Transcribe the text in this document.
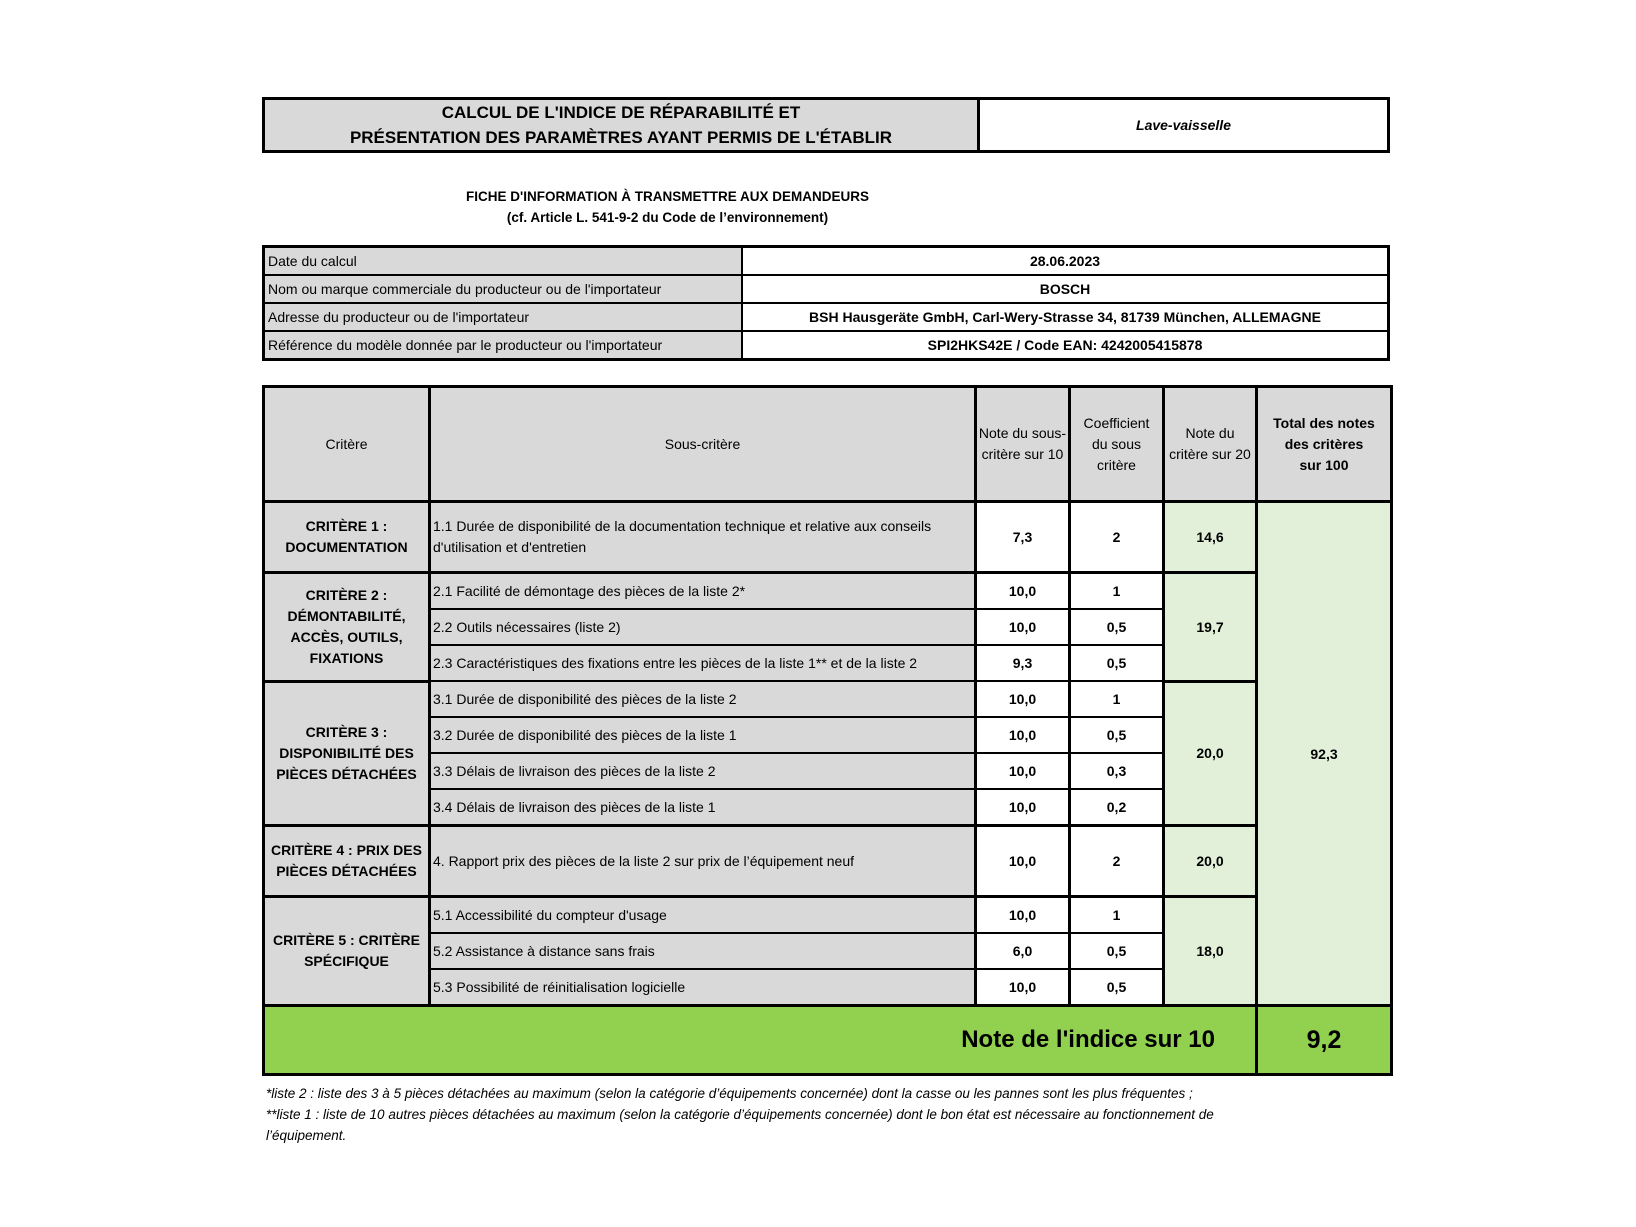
CALCUL DE L'INDICE DE RÉPARABILITÉ ET
PRÉSENTATION DES PARAMÈTRES AYANT PERMIS DE L'ÉTABLIR
Lave-vaisselle
FICHE D'INFORMATION À TRANSMETTRE AUX DEMANDEURS
(cf. Article L. 541-9-2 du Code de l’environnement)
Date du calcul	28.06.2023
Nom ou marque commerciale du producteur ou de l'importateur	BOSCH
Adresse du producteur ou de l'importateur	BSH Hausgeräte GmbH, Carl-Wery-Strasse 34, 81739 München, ALLEMAGNE
Référence du modèle donnée par le producteur ou l'importateur	SPI2HKS42E / Code EAN: 4242005415878
Critère	Sous-critère	Note du sous-
critère sur 10	Coefficient
du sous
critère	Note du
critère sur 20	Total des notes
des critères
sur 100
CRITÈRE 1 :
DOCUMENTATION	1.1 Durée de disponibilité de la documentation technique et relative aux conseils d'utilisation et d'entretien	7,3	2	14,6	92,3
CRITÈRE 2 :
DÉMONTABILITÉ,
ACCÈS, OUTILS,
FIXATIONS	2.1 Facilité de démontage des pièces de la liste 2*	10,0	1	19,7	
	2.2 Outils nécessaires (liste 2)	10,0	0,5		
	2.3 Caractéristiques des fixations entre les pièces de la liste 1** et de la liste 2	9,3	0,5		
CRITÈRE 3 :
DISPONIBILITÉ DES
PIÈCES DÉTACHÉES	3.1 Durée de disponibilité des pièces de la liste 2	10,0	1	20,0	
	3.2 Durée de disponibilité des pièces de la liste 1	10,0	0,5		
	3.3 Délais de livraison des pièces de la liste 2	10,0	0,3		
	3.4 Délais de livraison des pièces de la liste 1	10,0	0,2		
CRITÈRE 4 : PRIX DES
PIÈCES DÉTACHÉES	4. Rapport prix des pièces de la liste 2 sur prix de l’équipement neuf	10,0	2	20,0	
CRITÈRE 5 : CRITÈRE
SPÉCIFIQUE	5.1 Accessibilité du compteur d'usage	10,0	1	18,0	
	5.2 Assistance à distance sans frais	6,0	0,5		
	5.3 Possibilité de réinitialisation logicielle	10,0	0,5		
Note de l'indice sur 10					9,2
*liste 2 : liste des 3 à 5 pièces détachées au maximum (selon la catégorie d’équipements concernée) dont la casse ou les pannes sont les plus fréquentes ;
**liste 1 : liste de 10 autres pièces détachées au maximum (selon la catégorie d’équipements concernée) dont le bon état est nécessaire au fonctionnement de l’équipement.
